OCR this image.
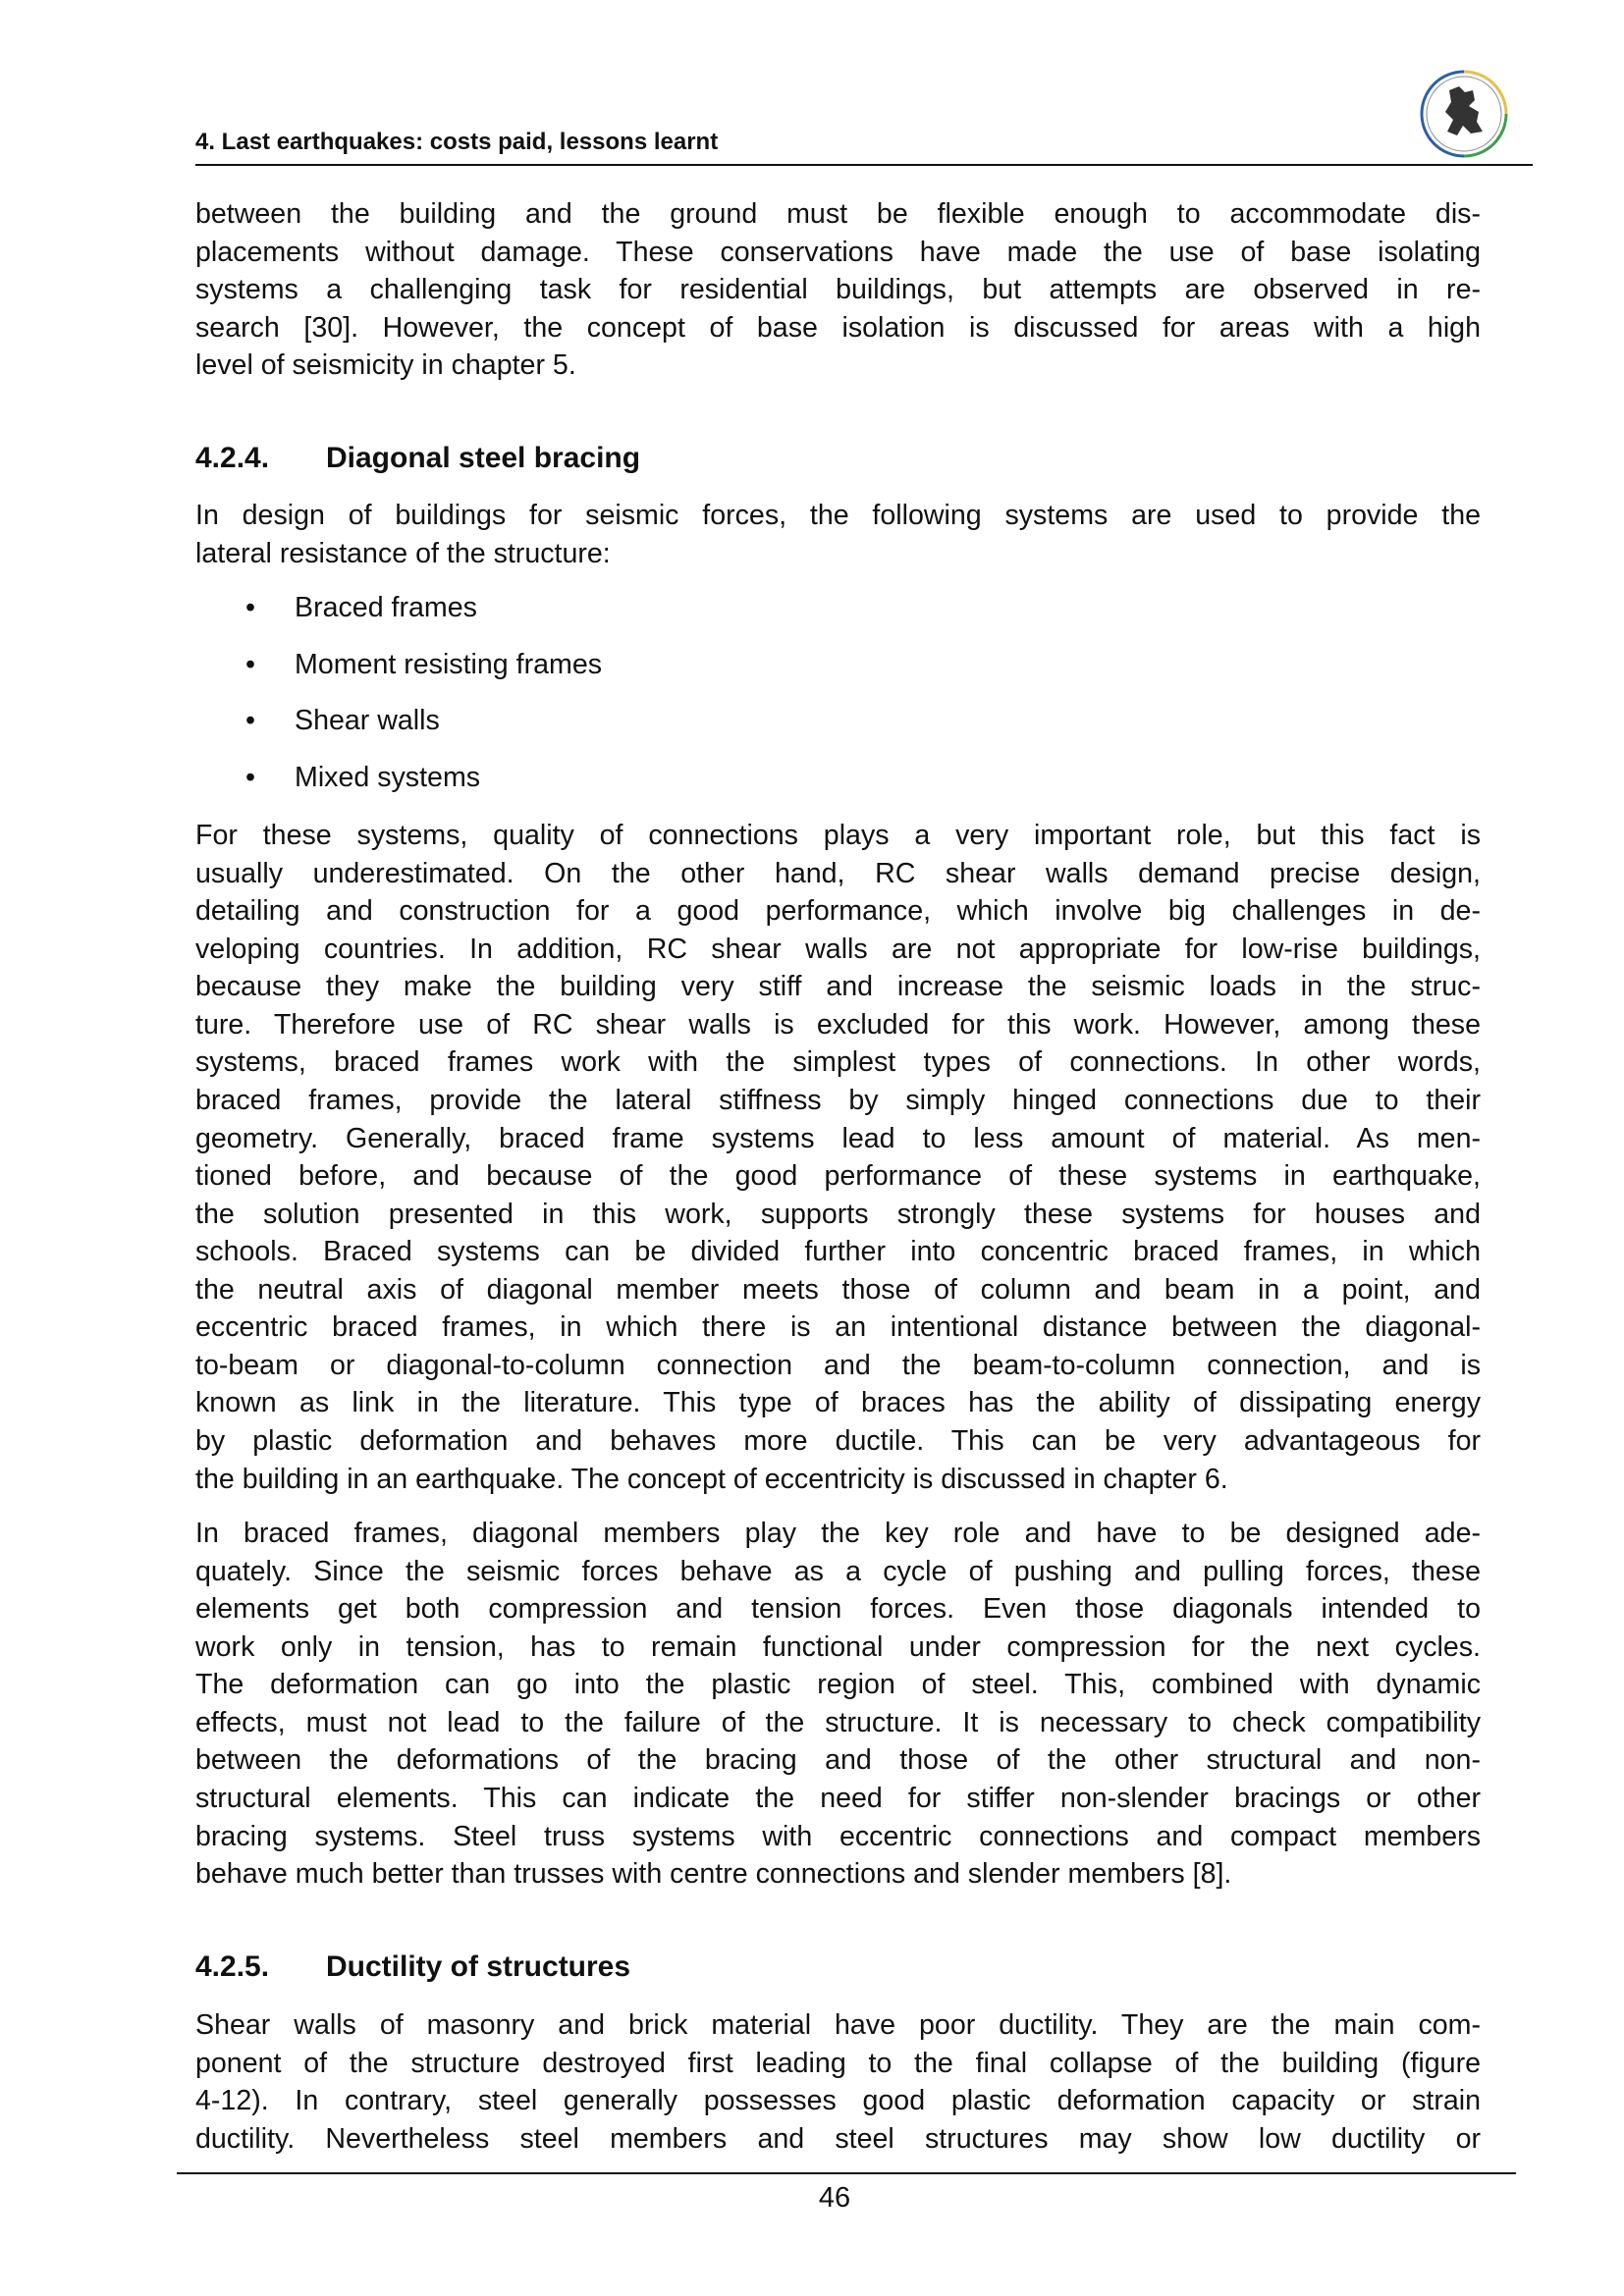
4. Last earthquakes: costs paid, lessons learnt
between the building and the ground must be flexible enough to accommodate dis-
placements without damage. These conservations have made the use of base isolating
systems a challenging task for residential buildings, but attempts are observed in re-
search [30]. However, the concept of base isolation is discussed for areas with a high
level of seismicity in chapter 5.
4.2.4. Diagonal steel bracing
In design of buildings for seismic forces, the following systems are used to provide the
lateral resistance of the structure:
• Braced frames
• Moment resisting frames
• Shear walls
• Mixed systems
For these systems, quality of connections plays a very important role, but this fact is
usually underestimated. On the other hand, RC shear walls demand precise design,
detailing and construction for a good performance, which involve big challenges in de-
veloping countries. In addition, RC shear walls are not appropriate for low-rise buildings,
because they make the building very stiff and increase the seismic loads in the struc-
ture. Therefore use of RC shear walls is excluded for this work. However, among these
systems, braced frames work with the simplest types of connections. In other words,
braced frames, provide the lateral stiffness by simply hinged connections due to their
geometry. Generally, braced frame systems lead to less amount of material. As men-
tioned before, and because of the good performance of these systems in earthquake,
the solution presented in this work, supports strongly these systems for houses and
schools. Braced systems can be divided further into concentric braced frames, in which
the neutral axis of diagonal member meets those of column and beam in a point, and
eccentric braced frames, in which there is an intentional distance between the diagonal-
to-beam or diagonal-to-column connection and the beam-to-column connection, and is
known as link in the literature. This type of braces has the ability of dissipating energy
by plastic deformation and behaves more ductile. This can be very advantageous for
the building in an earthquake. The concept of eccentricity is discussed in chapter 6.
In braced frames, diagonal members play the key role and have to be designed ade-
quately. Since the seismic forces behave as a cycle of pushing and pulling forces, these
elements get both compression and tension forces. Even those diagonals intended to
work only in tension, has to remain functional under compression for the next cycles.
The deformation can go into the plastic region of steel. This, combined with dynamic
effects, must not lead to the failure of the structure. It is necessary to check compatibility
between the deformations of the bracing and those of the other structural and non-
structural elements. This can indicate the need for stiffer non-slender bracings or other
bracing systems. Steel truss systems with eccentric connections and compact members
behave much better than trusses with centre connections and slender members [8].
4.2.5. Ductility of structures
Shear walls of masonry and brick material have poor ductility. They are the main com-
ponent of the structure destroyed first leading to the final collapse of the building (figure
4-12). In contrary, steel generally possesses good plastic deformation capacity or strain
ductility. Nevertheless steel members and steel structures may show low ductility or
46
